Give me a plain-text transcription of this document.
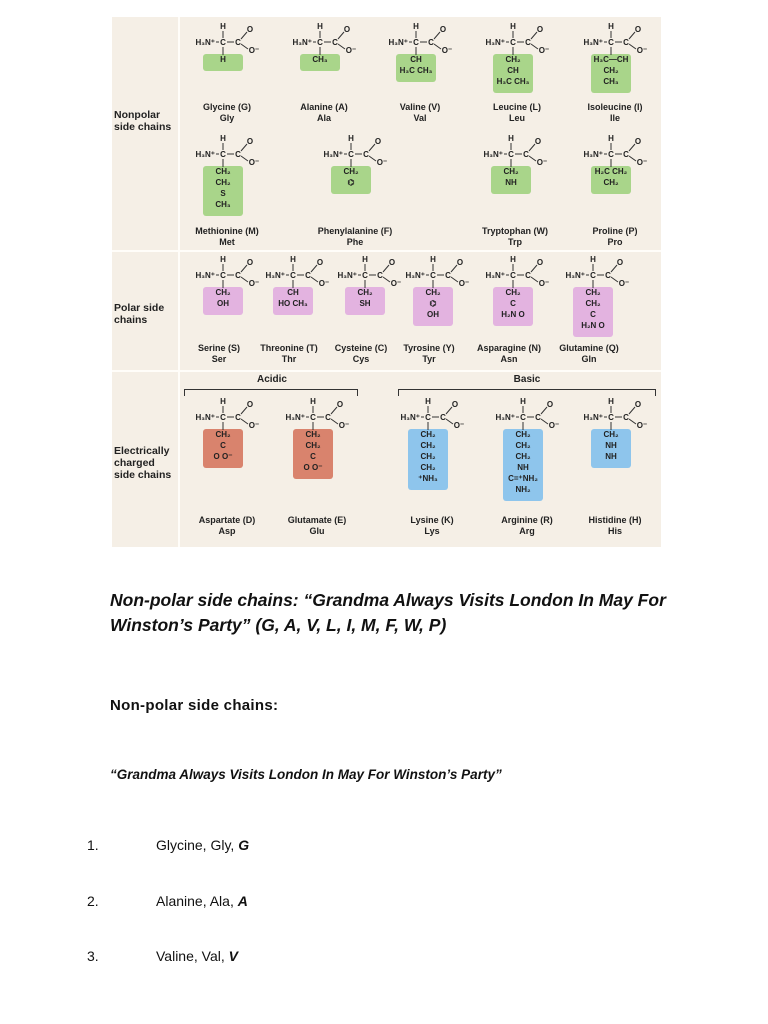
Nonpolar side chains
Polar side chains
Electrically charged side chains
Acidic	Basic
H
H₃N⁺ C C
O
O⁻
H
Glycine (G)
Gly
H
H₃N⁺ C C
O
O⁻
CH₃
Alanine (A)
Ala
H
H₃N⁺ C C
O
O⁻
CH
H₃C CH₃
Valine (V)
Val
H
H₃N⁺ C C
O
O⁻
CH₂
CH
H₃C CH₃
Leucine (L)
Leu
H
H₃N⁺ C C
O
O⁻
H₃C—CH
CH₂
CH₃
Isoleucine (I)
Ile
H
H₃N⁺ C C
O
O⁻
CH₂
CH₂
S
CH₃
Methionine (M)
Met
H
H₃N⁺ C C
O
O⁻
CH₂
⌬
Phenylalanine (F)
Phe
H
H₃N⁺ C C
O
O⁻
CH₂
NH
Tryptophan (W)
Trp
H
H₃N⁺ C C
O
O⁻
H₂C CH₂
CH₂
Proline (P)
Pro
H
H₃N⁺ C C
O
O⁻
CH₂
OH
Serine (S)
Ser
H
H₃N⁺ C C
O
O⁻
CH
HO CH₃
Threonine (T)
Thr
H
H₃N⁺ C C
O
O⁻
CH₂
SH
Cysteine (C)
Cys
H
H₃N⁺ C C
O
O⁻
CH₂
⌬
OH
Tyrosine (Y)
Tyr
H
H₃N⁺ C C
O
O⁻
CH₂
C
H₂N O
Asparagine (N)
Asn
H
H₃N⁺ C C
O
O⁻
CH₂
CH₂
C
H₂N O
Glutamine (Q)
Gln
H
H₃N⁺ C C
O
O⁻
CH₂
C
O O⁻
Aspartate (D)
Asp
H
H₃N⁺ C C
O
O⁻
CH₂
CH₂
C
O O⁻
Glutamate (E)
Glu
H
H₃N⁺ C C
O
O⁻
CH₂
CH₂
CH₂
CH₂
⁺NH₃
Lysine (K)
Lys
H
H₃N⁺ C C
O
O⁻
CH₂
CH₂
CH₂
NH
C=⁺NH₂
NH₂
Arginine (R)
Arg
H
H₃N⁺ C C
O
O⁻
CH₂
NH
NH
Histidine (H)
His
Non-polar side chains: “Grandma Always Visits London In May For Winston’s Party” (G, A, V, L, I, M, F, W, P)
Non-polar side chains:
“Grandma Always Visits London In May For Winston’s Party”
1.	Glycine, Gly, G
2.	Alanine, Ala, A
3.	Valine, Val, V
